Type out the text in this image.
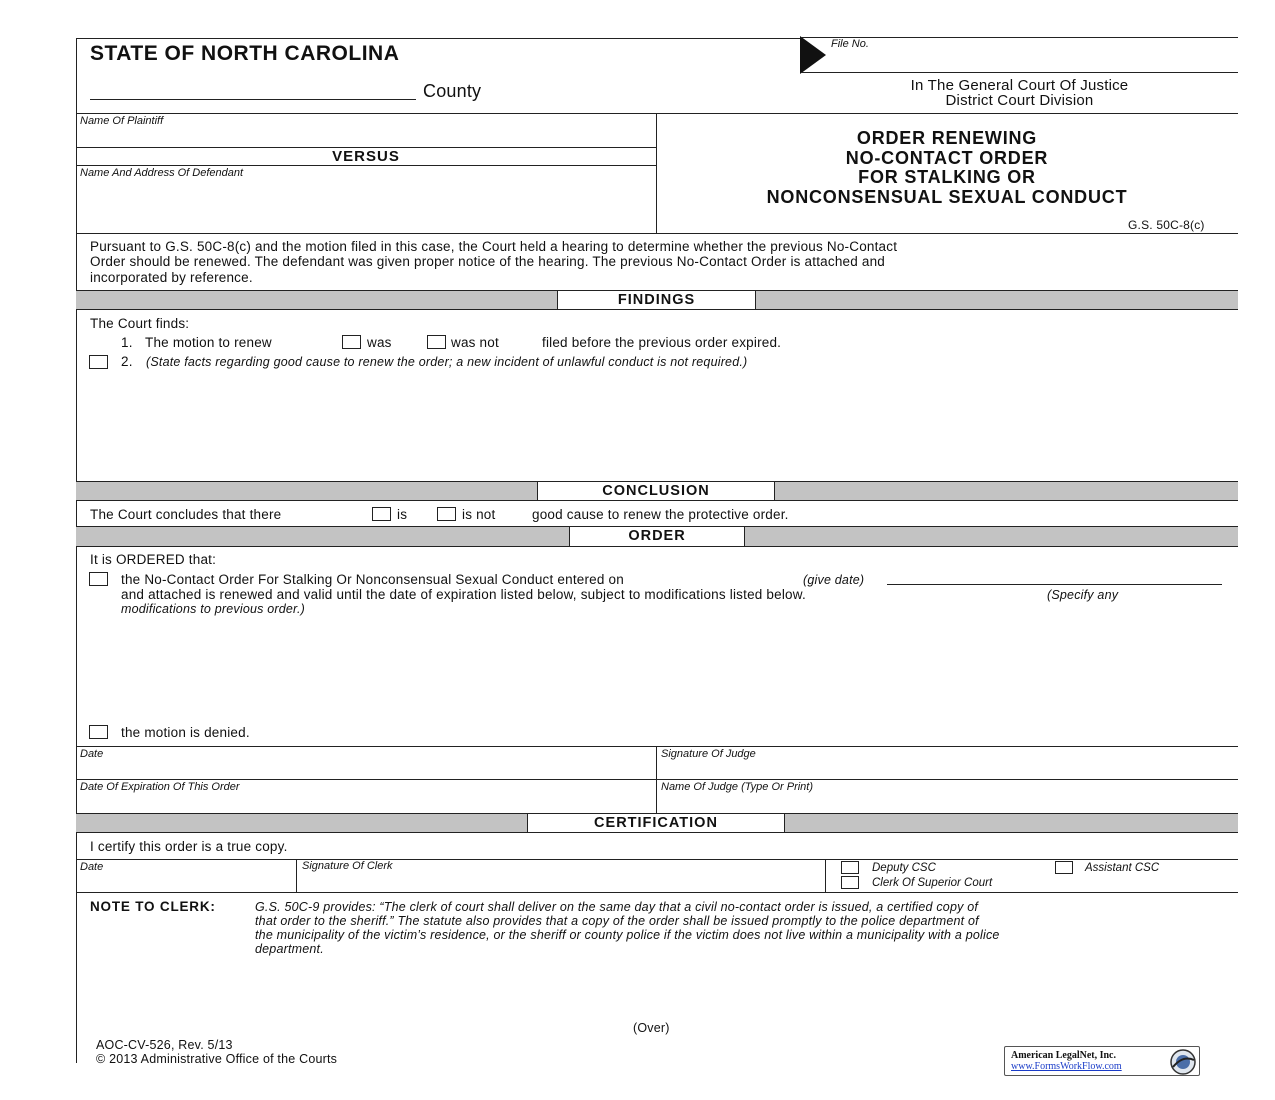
STATE OF NORTH CAROLINA
County
File No.
In The General Court Of Justice
District Court Division
Name Of Plaintiff
VERSUS
Name And Address Of Defendant
ORDER RENEWING
NO-CONTACT ORDER
FOR STALKING OR
NONCONSENSUAL SEXUAL CONDUCT
G.S. 50C-8(c)
Pursuant to G.S. 50C-8(c) and the motion filed in this case, the Court held a hearing to determine whether the previous No-Contact
Order should be renewed. The defendant was given proper notice of the hearing. The previous No-Contact Order is attached and
incorporated by reference.
FINDINGS
The Court finds:
1. The motion to renew	was	was not	filed before the previous order expired.
2. (State facts regarding good cause to renew the order; a new incident of unlawful conduct is not required.)
CONCLUSION
The Court concludes that there	is	is not	good cause to renew the protective order.
ORDER
It is ORDERED that:
the No-Contact Order For Stalking Or Nonconsensual Sexual Conduct entered on	(give date)
and attached is renewed and valid until the date of expiration listed below, subject to modifications listed below.	(Specify any
modifications to previous order.)
the motion is denied.
Date	Signature Of Judge
Date Of Expiration Of This Order	Name Of Judge (Type Or Print)
CERTIFICATION
I certify this order is a true copy.
Date	Signature Of Clerk	Deputy CSC	Assistant CSC
Clerk Of Superior Court
NOTE TO CLERK:	G.S. 50C-9 provides: “The clerk of court shall deliver on the same day that a civil no-contact order is issued, a certified copy of
that order to the sheriff.” The statute also provides that a copy of the order shall be issued promptly to the police department of
the municipality of the victim’s residence, or the sheriff or county police if the victim does not live within a municipality with a police
department.
(Over)
AOC-CV-526, Rev. 5/13
© 2013 Administrative Office of the Courts	American LegalNet, Inc.
www.FormsWorkFlow.com
